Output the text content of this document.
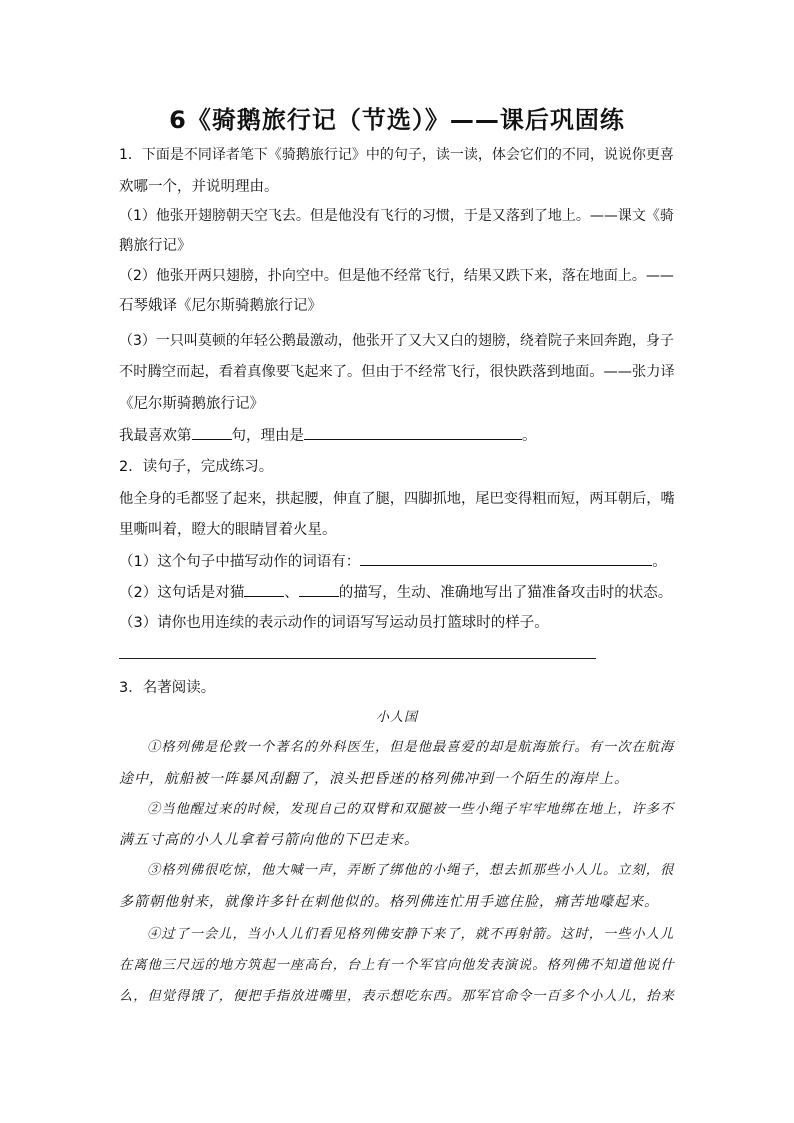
6《骑鹅旅行记（节选）》——课后巩固练
1．下面是不同译者笔下《骑鹅旅行记》中的句子，读一读，体会它们的不同，说说你更喜
欢哪一个，并说明理由。
（1）他张开翅膀朝天空飞去。但是他没有飞行的习惯，于是又落到了地上。——课文《骑
鹅旅行记》
（2）他张开两只翅膀，扑向空中。但是他不经常飞行，结果又跌下来，落在地面上。——
石琴娥译《尼尔斯骑鹅旅行记》
（3）一只叫莫顿的年轻公鹅最激动，他张开了又大又白的翅膀，绕着院子来回奔跑，身子
不时腾空而起，看着真像要飞起来了。但由于不经常飞行，很快跌落到地面。——张力译
《尼尔斯骑鹅旅行记》
我最喜欢第	句，理由是	。
2．读句子，完成练习。
他全身的毛都竖了起来，拱起腰，伸直了腿，四脚抓地，尾巴变得粗而短，两耳朝后，嘴
里嘶叫着，瞪大的眼睛冒着火星。
（1）这个句子中描写动作的词语有：	。
（2）这句话是对猫	、	的描写，生动、准确地写出了猫准备攻击时的状态。
（3）请你也用连续的表示动作的词语写写运动员打篮球时的样子。
3．名著阅读。
小人国
①格列佛是伦敦一个著名的外科医生，但是他最喜爱的却是航海旅行。有一次在航海
途中，航船被一阵暴风刮翻了，浪头把昏迷的格列佛冲到一个陌生的海岸上。
②当他醒过来的时候，发现自己的双臂和双腿被一些小绳子牢牢地绑在地上，许多不
满五寸高的小人儿拿着弓箭向他的下巴走来。
③格列佛很吃惊，他大喊一声，弄断了绑他的小绳子，想去抓那些小人儿。立刻，很
多箭朝他射来，就像许多针在刺他似的。格列佛连忙用手遮住脸，痛苦地嚎起来。
④过了一会儿，当小人儿们看见格列佛安静下来了，就不再射箭。这时，一些小人儿
在离他三尺远的地方筑起一座高台，台上有一个军官向他发表演说。格列佛不知道他说什
么，但觉得饿了，便把手指放进嘴里，表示想吃东西。那军官命令一百多个小人儿，抬来
